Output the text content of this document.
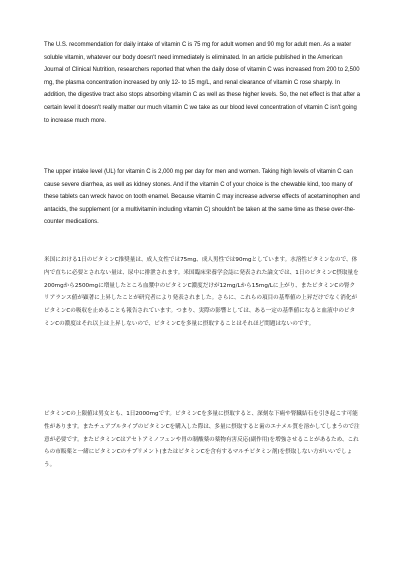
The U.S. recommendation for daily intake of vitamin C is 75 mg for adult women and 90 mg for adult men. As a water soluble vitamin, whatever our body doesn't need immediately is eliminated. In an article published in the American Journal of Clinical Nutrition, researchers reported that when the daily dose of vitamin C was increased from 200 to 2,500 mg, the plasma concentration increased by only 12- to 15 mg/L, and renal clearance of vitamin C rose sharply. In addition, the digestive tract also stops absorbing vitamin C as well as these higher levels. So, the net effect is that after a certain level it doesn't really matter our much vitamin C we take as our blood level concentration of vitamin C isn't going to increase much more.

The upper intake level (UL) for vitamin C is 2,000 mg per day for men and women. Taking high levels of vitamin C can cause severe diarrhea, as well as kidney stones. And if the vitamin C of your choice is the chewable kind, too many of these tablets can wreck havoc on tooth enamel. Because vitamin C may increase adverse effects of acetaminophen and antacids, the supplement (or a multivitamin including vitamin C) shouldn't be taken at the same time as these over-the-counter medications.

米国における1日のビタミンC推奨量は、成人女性では75mg、成人男性では90mgとしています。水溶性ビタミンなので、体内で直ちに必要とされない量は、尿中に排泄されます。米国臨床栄養学会誌に発表された論文では、1日のビタミンC摂取量を200mgから2500mgに増量したところ血漿中のビタミンC濃度だけが12mg/Lから15mg/Lに上がり、またビタミンCの腎クリアランス値が顕著に上昇したことが研究者により発表されました。さらに、これらの項目の基準値の上昇だけでなく消化がビタミンCの吸収を止めることも報告されています。つまり、実際の影響としては、ある一定の基準値になると血液中のビタミンCの濃度はそれ以上は上昇しないので、ビタミンCを多量に摂取することはそれほど問題はないのです。

ビタミンCの上限値は男女とも、1日2000mgです。ビタミンCを多量に摂取すると、深刻な下痢や腎臓結石を引き起こす可能性があります。またチュアブルタイプのビタミンCを購入した際は、多量に摂取すると歯のエナメル質を溶かしてしまうので注意が必要です。またビタミンCはアセトアミノフェンや胃の制酸薬の薬物有害反応(副作用)を増強させることがあるため、これらの市販薬と一緒にビタミンCのサプリメント(またはビタミンCを含有するマルチビタミン剤)を摂取しない方がいいでしょう。
